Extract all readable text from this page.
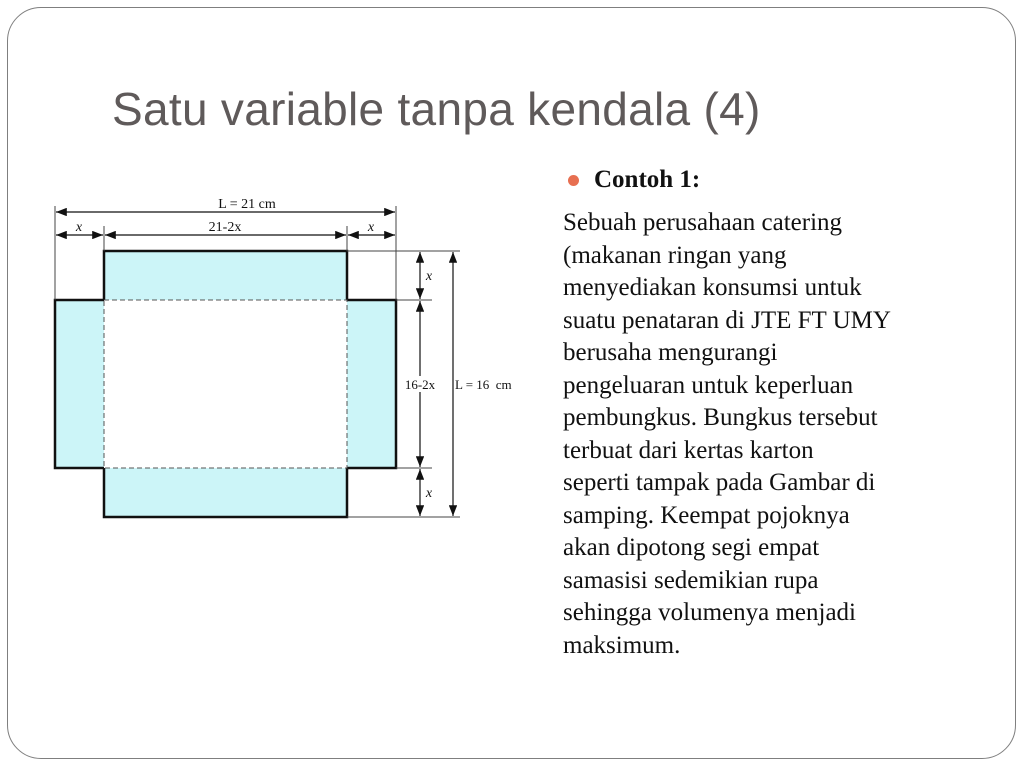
Satu variable tanpa kendala (4)
L = 21 cm
x	21-2x	x
x
16-2x L = 16  cm
x
Contoh 1:
Sebuah perusahaan catering
(makanan ringan yang
menyediakan konsumsi untuk
suatu penataran di JTE FT UMY
berusaha mengurangi
pengeluaran untuk keperluan
pembungkus. Bungkus tersebut
terbuat dari kertas karton
seperti tampak pada Gambar di
samping. Keempat pojoknya
akan dipotong segi empat
samasisi sedemikian rupa
sehingga volumenya menjadi
maksimum.
